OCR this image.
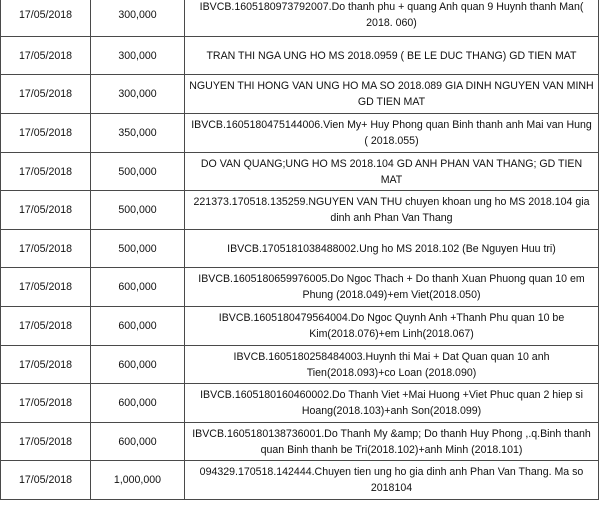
17/05/2018	300,000	IBVCB.1605180973792007.Do thanh phu + quang Anh quan 9 Huynh thanh Man( 2018. 060)
17/05/2018	300,000	TRAN THI NGA UNG HO MS 2018.0959 ( BE LE DUC THANG) GD TIEN MAT
17/05/2018	300,000	NGUYEN THI HONG VAN UNG HO MA SO 2018.089 GIA DINH NGUYEN VAN MINH GD TIEN MAT
17/05/2018	350,000	IBVCB.1605180475144006.Vien My+ Huy Phong quan Binh thanh anh Mai van Hung ( 2018.055)
17/05/2018	500,000	DO VAN QUANG;UNG HO MS 2018.104 GD ANH PHAN VAN THANG; GD TIEN MAT
17/05/2018	500,000	221373.170518.135259.NGUYEN VAN THU chuyen khoan ung ho MS 2018.104 gia dinh anh Phan Van Thang
17/05/2018	500,000	IBVCB.1705181038488002.Ung ho MS 2018.102 (Be Nguyen Huu tri)
17/05/2018	600,000	IBVCB.1605180659976005.Do Ngoc Thach + Do thanh Xuan Phuong quan 10 em Phung (2018.049)+em Viet(2018.050)
17/05/2018	600,000	IBVCB.1605180479564004.Do Ngoc Quynh Anh +Thanh Phu quan 10 be Kim(2018.076)+em Linh(2018.067)
17/05/2018	600,000	IBVCB.1605180258484003.Huynh thi Mai + Dat Quan quan 10 anh Tien(2018.093)+co Loan (2018.090)
17/05/2018	600,000	IBVCB.1605180160460002.Do Thanh Viet +Mai Huong +Viet Phuc quan 2 hiep si Hoang(2018.103)+anh Son(2018.099)
17/05/2018	600,000	IBVCB.1605180138736001.Do Thanh My &amp; Do thanh Huy Phong ,.q.Binh thanh quan Binh thanh be Tri(2018.102)+anh Minh (2018.101)
17/05/2018	1,000,000	094329.170518.142444.Chuyen tien ung ho gia dinh anh Phan Van Thang. Ma so 2018104
